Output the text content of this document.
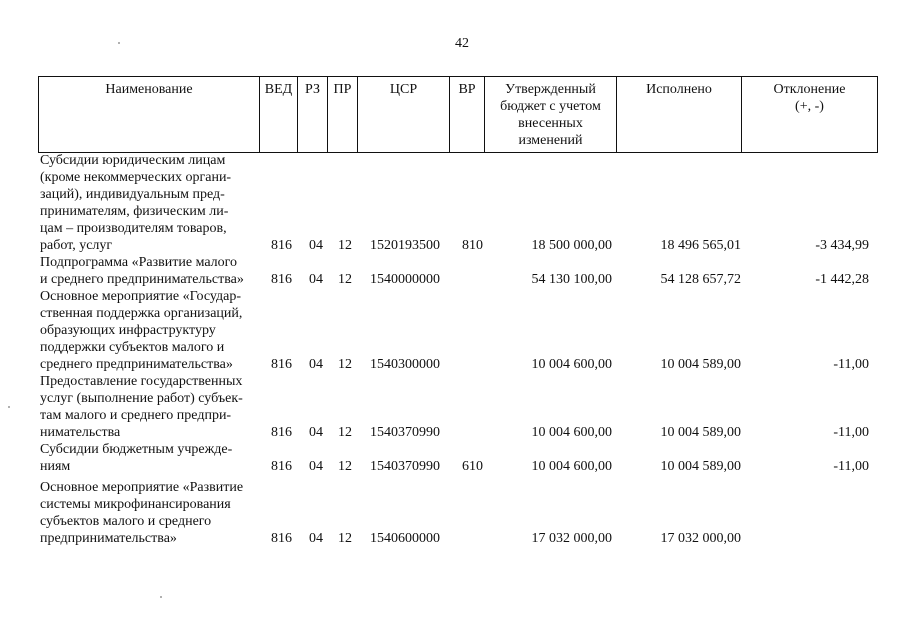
42
Наименование	ВЕД РЗ ПР	ЦСР	ВР	Утвержденный
бюджет с учетом
внесенных
изменений
Исполнено	Отклонение
(+, -)
Субсидии юридическим лицам
(кроме некоммерческих органи-
заций), индивидуальным пред-
принимателям, физическим ли-
цам – производителям товаров,
работ, услуг	816 04 12 1520193500 810	18 500 000,00	18 496 565,01	-3 434,99
Подпрограмма «Развитие малого
и среднего предпринимательства»	816 04 12 1540000000	54 130 100,00	54 128 657,72	-1 442,28
Основное мероприятие «Государ-
ственная поддержка организаций,
образующих инфраструктуру
поддержки субъектов малого и
среднего предпринимательства»	816 04 12 1540300000	10 004 600,00	10 004 589,00	-11,00
Предоставление государственных
услуг (выполнение работ) субъек-
там малого и среднего предпри-
нимательства	816 04 12 1540370990	10 004 600,00	10 004 589,00	-11,00
Субсидии бюджетным учрежде-
ниям	816 04 12 1540370990 610	10 004 600,00	10 004 589,00	-11,00
Основное мероприятие «Развитие
системы микрофинансирования
субъектов малого и среднего
предпринимательства»	816 04 12 1540600000	17 032 000,00	17 032 000,00
